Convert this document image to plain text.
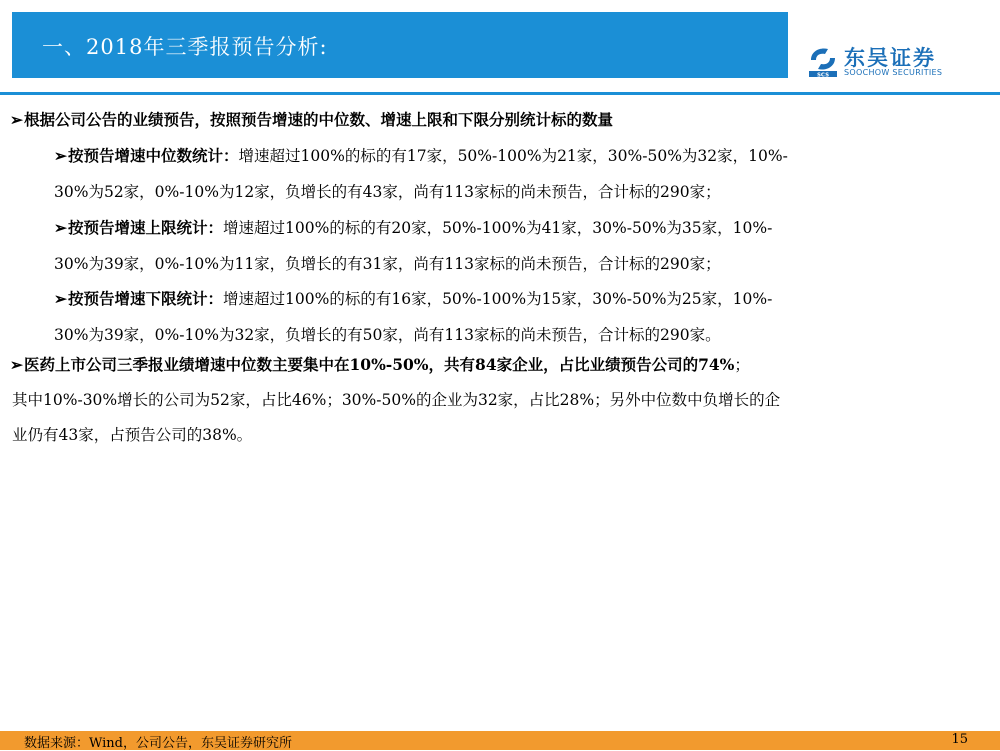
一、2018年三季报预告分析:
SCS
东吴证券
SOOCHOW SECURITIES
➢根据公司公告的业绩预告，按照预告增速的中位数、增速上限和下限分别统计标的数量
➢按预告增速中位数统计：增速超过100%的标的有17家，50%-100%为21家，30%-50%为32家，10%-
30%为52家，0%-10%为12家，负增长的有43家，尚有113家标的尚未预告，合计标的290家；
➢按预告增速上限统计：增速超过100%的标的有20家，50%-100%为41家，30%-50%为35家，10%-
30%为39家，0%-10%为11家，负增长的有31家，尚有113家标的尚未预告，合计标的290家；
➢按预告增速下限统计：增速超过100%的标的有16家，50%-100%为15家，30%-50%为25家，10%-
30%为39家，0%-10%为32家，负增长的有50家，尚有113家标的尚未预告，合计标的290家。
➢医药上市公司三季报业绩增速中位数主要集中在10%-50%，共有84家企业，占比业绩预告公司的74%；
其中10%-30%增长的公司为52家，占比46%；30%-50%的企业为32家，占比28%；另外中位数中负增长的企
业仍有43家，占预告公司的38%。
数据来源：Wind，公司公告，东吴证券研究所	15
